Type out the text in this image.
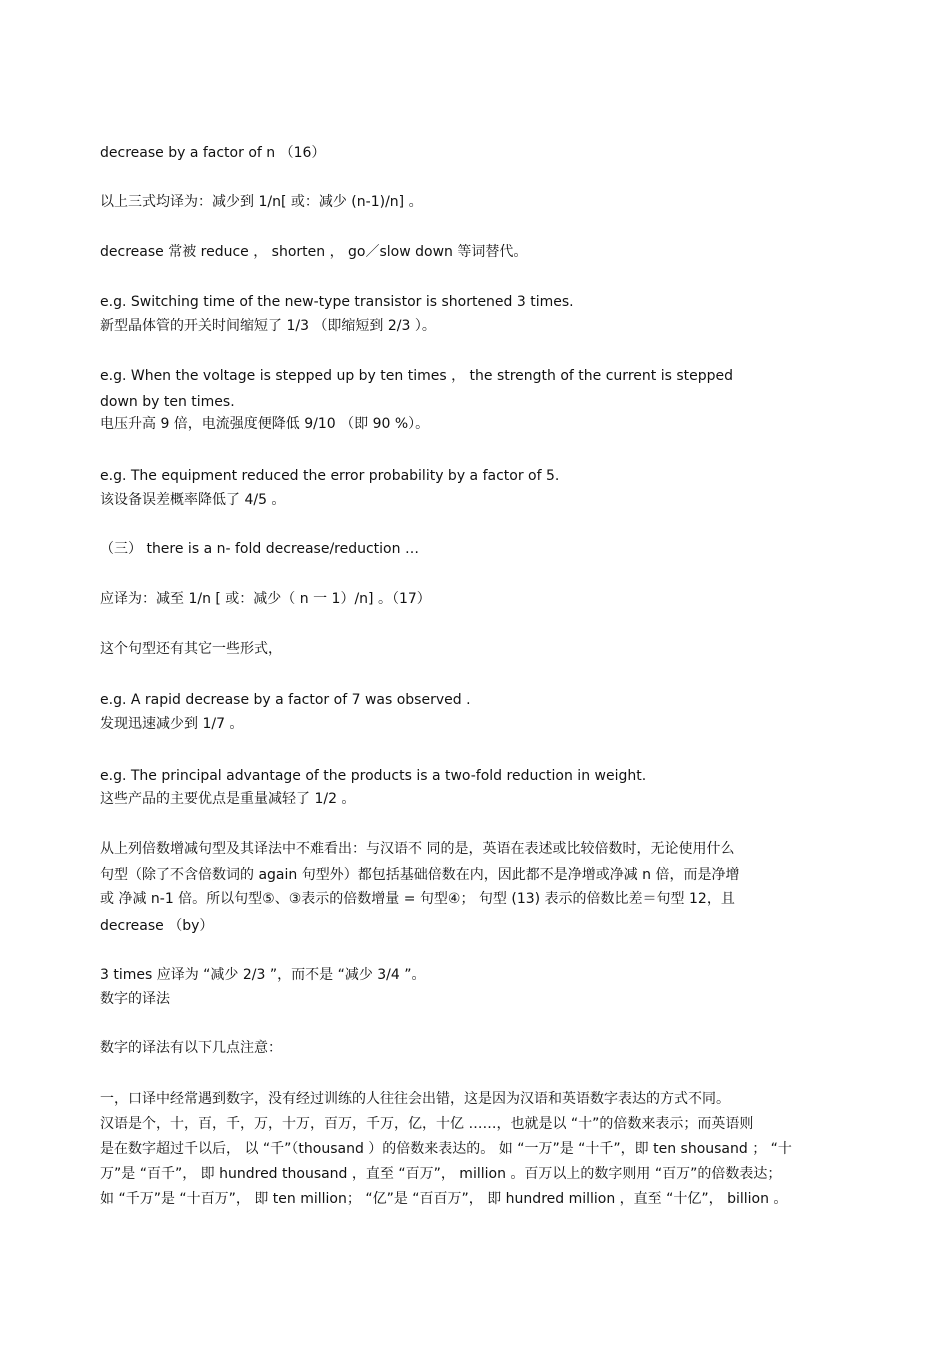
decrease by a factor of n （16）
以上三式均译为：减少到 1/n[ 或：减少 (n-1)/n] 。
decrease 常被 reduce ， shorten ， go／slow down 等词替代。
e.g. Switching time of the new-type transistor is shortened 3 times.
新型晶体管的开关时间缩短了 1/3 （即缩短到 2/3 ）。
e.g. When the voltage is stepped up by ten times ， the strength of the current is stepped
down by ten times.
电压升高 9 倍，电流强度便降低 9/10 （即 90 %）。
e.g. The equipment reduced the error probability by a factor of 5.
该设备误差概率降低了 4/5 。
（三） there is a n- fold decrease/reduction …
应译为：减至 1/n [ 或：减少（ n 一 1）/n] 。（17）
这个句型还有其它一些形式，
e.g. A rapid decrease by a factor of 7 was observed .
发现迅速减少到 1/7 。
e.g. The principal advantage of the products is a two-fold reduction in weight.
这些产品的主要优点是重量减轻了 1/2 。
从上列倍数增减句型及其译法中不难看出：与汉语不 同的是，英语在表述或比较倍数时，无论使用什么
句型（除了不含倍数词的 again 句型外）都包括基础倍数在内，因此都不是净增或净减 n 倍，而是净增
或 净减 n-1 倍。所以句型⑤、③表示的倍数增量 = 句型④； 句型 (13) 表示的倍数比差＝句型 12，且
decrease （by）
3 times 应译为 “减少 2/3 ”，而不是 “减少 3/4 ”。
数字的译法
数字的译法有以下几点注意：
一，口译中经常遇到数字，没有经过训练的人往往会出错，这是因为汉语和英语数字表达的方式不同。
汉语是个，十，百，千，万，十万，百万，千万，亿，十亿 ……，也就是以 “十”的倍数来表示；而英语则
是在数字超过千以后， 以 “千”（thousand ）的倍数来表达的。 如 “一万”是 “十千”，即 ten shousand ； “十
万”是 “百千”， 即 hundred thousand ，直至 “百万”， million 。百万以上的数字则用 “百万”的倍数表达；
如 “千万”是 “十百万”， 即 ten million； “亿”是 “百百万”， 即 hundred million ，直至 “十亿”， billion 。
